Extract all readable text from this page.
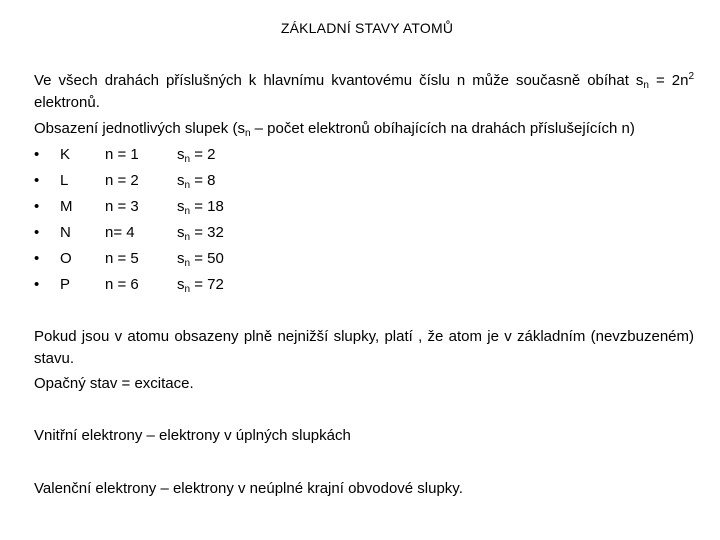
ZÁKLADNÍ STAVY ATOMŮ
Ve všech drahách příslušných k hlavnímu kvantovému číslu n může současně obíhat $s_n = 2n^2$ elektronů.
Obsazení jednotlivých slupek ($s_n$ – počet elektronů obíhajících na drahách příslušejících n)
• K n = 1	$s_n = 2$
• L n = 2	$s_n = 8$
• M n = 3	$s_n = 18$
• N n= 4	$s_n = 32$
• O n = 5	$s_n = 50$
• P n = 6	$s_n = 72$
Pokud jsou v atomu obsazeny plně nejnižší slupky, platí , že atom je v základním (nevzbuzeném) stavu.
Opačný stav = excitace.
Vnitřní elektrony – elektrony v úplných slupkách
Valenční elektrony – elektrony v neúplné krajní obvodové slupky.
